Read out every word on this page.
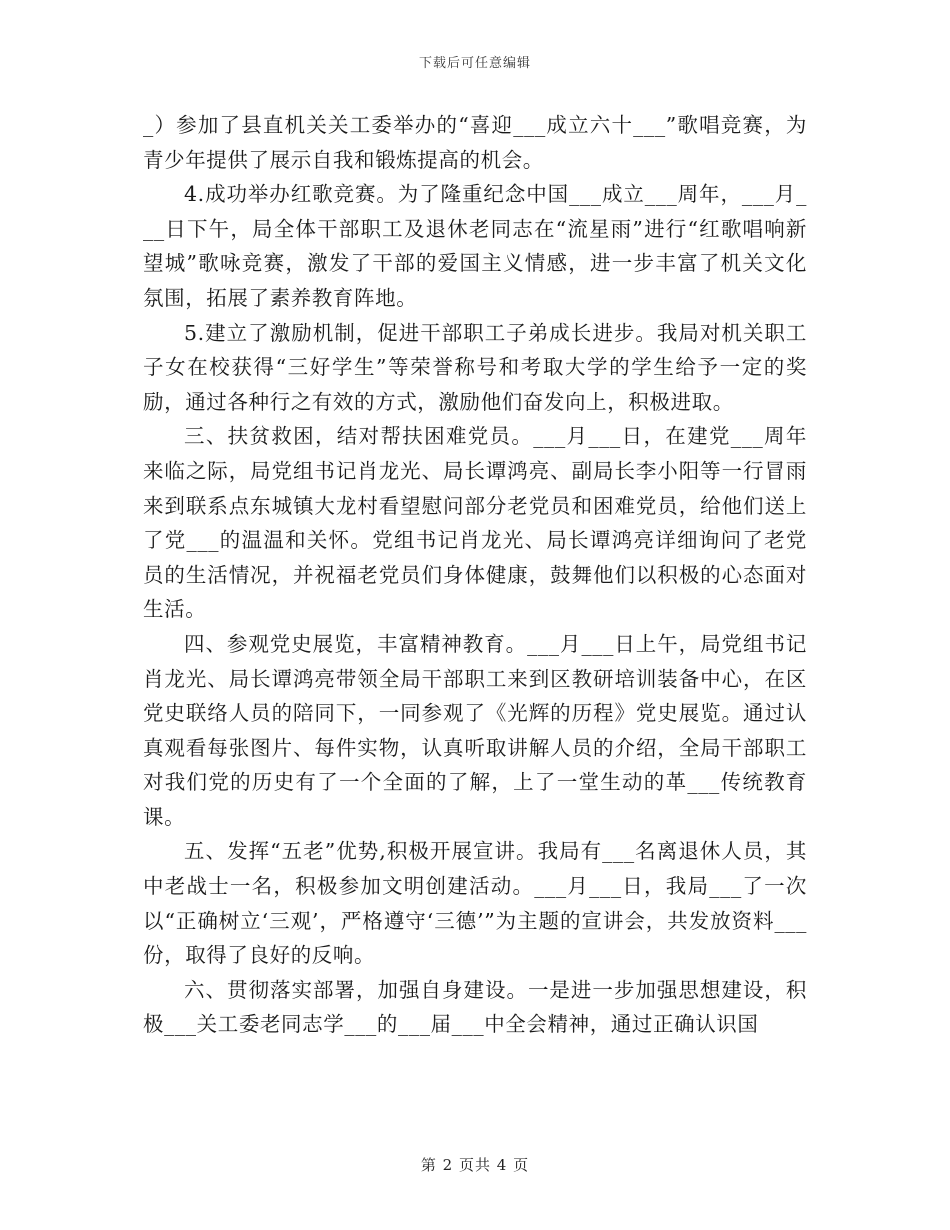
下载后可任意编辑

_）参加了县直机关关工委举办的“喜迎___成立六十___”歌唱竞赛，为青少年提供了展示自我和锻炼提高的机会。

4.成功举办红歌竞赛。为了隆重纪念中国___成立___周年，___月___日下午，局全体干部职工及退休老同志在“流星雨”进行“红歌唱响新望城”歌咏竞赛，激发了干部的爱国主义情感，进一步丰富了机关文化氛围，拓展了素养教育阵地。

5.建立了激励机制，促进干部职工子弟成长进步。我局对机关职工子女在校获得“三好学生”等荣誉称号和考取大学的学生给予一定的奖励，通过各种行之有效的方式，激励他们奋发向上，积极进取。

三、扶贫救困，结对帮扶困难党员。___月___日，在建党___周年来临之际，局党组书记肖龙光、局长谭鸿亮、副局长李小阳等一行冒雨来到联系点东城镇大龙村看望慰问部分老党员和困难党员，给他们送上了党___的温温和关怀。党组书记肖龙光、局长谭鸿亮详细询问了老党员的生活情况，并祝福老党员们身体健康，鼓舞他们以积极的心态面对生活。

四、参观党史展览，丰富精神教育。___月___日上午，局党组书记肖龙光、局长谭鸿亮带领全局干部职工来到区教研培训装备中心，在区党史联络人员的陪同下，一同参观了《光辉的历程》党史展览。通过认真观看每张图片、每件实物，认真听取讲解人员的介绍，全局干部职工对我们党的历史有了一个全面的了解，上了一堂生动的革___传统教育课。

五、发挥“五老”优势,积极开展宣讲。我局有___名离退休人员，其中老战士一名，积极参加文明创建活动。___月___日，我局___了一次以“正确树立‘三观’，严格遵守‘三德’”为主题的宣讲会，共发放资料___份，取得了良好的反响。

六、贯彻落实部署，加强自身建设。一是进一步加强思想建设，积极___关工委老同志学___的___届___中全会精神，通过正确认识国

第 2 页共 4 页
